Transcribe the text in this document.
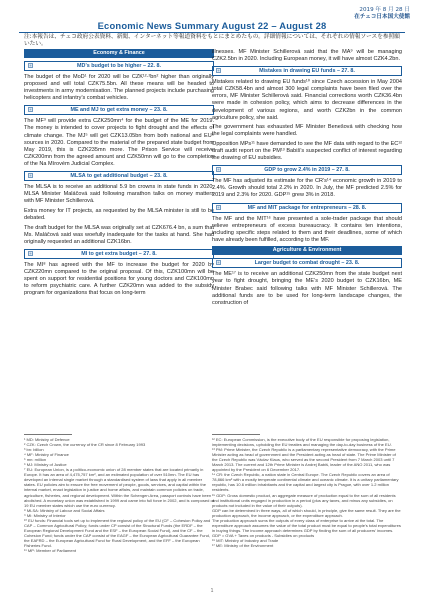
2019 年 8 月 28 日
在チェコ日本国大使館
Economic News Summary August 22 – August 28
注:本報告は、チェコ政府公表資料、新聞、インターネット等報道資料をもとにまとめたもの。詳細情報については、それぞれの情報ソースを参照願いたい。
Economy & Finance
MD’s budget to be higher – 22. 8.

The budget of the MoD¹ for 2020 will be CZK¹²·²bn² higher than originally proposed and will total CZK75.5bn. All these means will be headed to investments in army modernisation. The planned projects include purchasing helicopters and infantry’s combat vehicles.

ME and MJ to get extra money – 23. 8.

The MF³ will provide extra CZK250mn⁴ for the budget of the ME for 2019. The money is intended to cover projects to fight drought and the effects of climate change. The MJ⁵ will get CZK13.05bn from both national and EU⁶ sources in 2020. Compared to the material of the prepared state budget from May 2019, this is CZK235mn more. The Prison Service will receive CZK200mn from the agreed amount and CZK50mn will go to the completion of the Na Mírovém Judicial Complex.

MLSA to get additional budget – 23. 8.

The MLSA is to receive an additional 5.9 bn crowns in state funds in 2020, MLSA Minister Maláčová said following marathon talks on money matters with MF Minister Schillerová.

Extra money for IT projects, as requested by the MLSA minister is still to be debated.

The draft budget for the MLSA was originally set at CZK676.4 bn, a sum that Ms. Maláčová said was woefully inadequate for the tasks at hand. She had originally requested an additional CZK16bn.

MI to get extra budget – 27. 8.

The MI⁸ has agreed with the MF to increase the budget for 2020 by CZK220mn compared to the original proposal. Of this, CZK100mn will be spent on support for residential positions for young doctors and CZK100mn to reform psychiatric care. A further CZK20mn was added to the subsidy program for organizations that focus on long-term

illnesses. MF Minister Schillerová said that the MA⁹ will be managing CZK2.5bn in 2020. Including European money, it will have almost CZK4.2bn.

Mistakes in drawing EU funds – 27. 8.

Mistakes related to drawing EU funds¹⁰ since Czech accession in May 2004 total CZK58.4bn and almost 300 legal complaints have been filed over the errors, MF Minister Schillerová said. Financial corrections worth CZK36.4bn were made in cohesion policy, which aims to decrease differences in the development of various regions, and worth CZK2bn in the common agriculture policy, she said.

The government has exhausted MF Minister Benešová with checking how the legal complaints were handled.

Opposition MPs¹¹ have demanded to see the MF data with regard to the EC¹² draft audit report on the PM¹³ Babiš’s suspected conflict of interest regarding the drawing of EU subsidies.

GDP to grow 2.4% in 2019 – 27. 8.

The MF has adjusted its estimate for the CR’s¹⁴ economic growth in 2019 to 2.4%. Growth should total 2.2% in 2020. In July, the MF predicted 2.5% for 2019 and 2.3% for 2020. GDP¹⁵ grew 3% in 2018.

MF and MIT package for entrepreneurs – 28. 8.

The MF and the MIT¹⁶ have presented a sole-trader package that should relieve entrepreneurs of excess bureaucracy. It contains ten intentions, including specific steps related to them and their deadlines, some of which have already been fulfilled, according to the MF.

Agriculture & Environment
Larger budget to combat drought – 23. 8.

The ME¹⁷ is to receive an additional CZK250mn from the state budget next year to fight drought, bringing the ME’s 2020 budget to CZK16bn, ME Minister Brabec said following talks with MF Minister Schillerová. The additional funds are to be used for long-term landscape changes, the construction of

¹ MD: Ministry of Defence
² CZK: Czech Crown, the currency of the CR since 8 February 1993
³ bn: billion
⁴ MF: Ministry of Finance
⁵ mn: million
⁶ MJ: Ministry of Justice
⁷ EU: European Union, is a politico-economic union of 28 member states that are located primarily in Europe. It has an area of 4,475,757 km², and an estimated population of over 510mn. The EU has developed an internal single market through a standardised system of laws that apply in all member states. EU policies aim to ensure the free movement of people, goods, services, and capital within the internal market, enact legislation in justice and home affairs, and maintain common policies on trade, agriculture, fisheries, and regional development. Within the Schengen Area, passport controls have been abolished. A monetary union was established in 1999 and came into full force in 2002, and is composed of 19 EU member states which use the euro currency.
⁸ MLSA: Ministry of Labour and Social Affairs
⁹ MI: Ministry of Interior
¹⁰ EU funds: Financial tools set up to implement the regional policy of the EU (CF – Cohesion Policy and CAP – Common Agricultural Policy; funds under CP consist of the Structural Funds (the ERDF – the European Regional Development Fund and the ESF – the European Social Fund), and the CF – the Cohesion Fund; funds under the CAP consist of the EAGF – the European Agricultural Guarantee Fund, the EAFRD – the European Agricultural Fund for Rural Development, and the EFF – the European Fisheries Fund.
¹¹ MP: Member of Parliament
¹² EC: European Commission, is the executive body of the EU responsible for proposing legislation, implementing decisions, upholding the EU treaties and managing the day-to-day business of the EU.
¹³ PM: Prime Minister, the Czech Republic is a parliamentary representative democracy, with the Prime Minister acting as head of government and the President acting as head of state. The Prime Minister of the Czech Republic was Václav Klaus, who served as the second President from 7 March 2003 until 7 March 2013. The current and 12th Prime Minister is Andrej Babiš, leader of the ANO 2011, who was appointed by the President on 6 December 2017.
¹⁴ CR: the Czech Republic, a nation state in Central Europe. The Czech Republic covers an area of 78,866 km² with a mostly temperate continental climate and oceanic climate. It is a unitary parliamentary republic, has 10.6 million inhabitants and the capital and largest city is Prague, with over 1.2 million residents.
¹⁵ GDP: Gross domestic product, an aggregate measure of production equal to the sum of all residents and institutional units engaged in production in a period (plus any taxes, and minus any subsidies, on products not included in the value of their outputs).
GDP can be determined in three ways, all of which should, in principle, give the same result. They are the production approach, the income approach, or the expenditure approach.
The production approach sums the outputs of every class of enterprise to arrive at the total. The expenditure approach assumes the value of the total product must be equal to people’s total expenditures in buying things. The income approach determines GDP by finding the sum of all producers’ incomes.
GDP = GVA + Taxes on products - Subsidies on products
¹⁶ MIT: Ministry of Industry and Trade
¹⁷ ME: Ministry of the Environment
1
